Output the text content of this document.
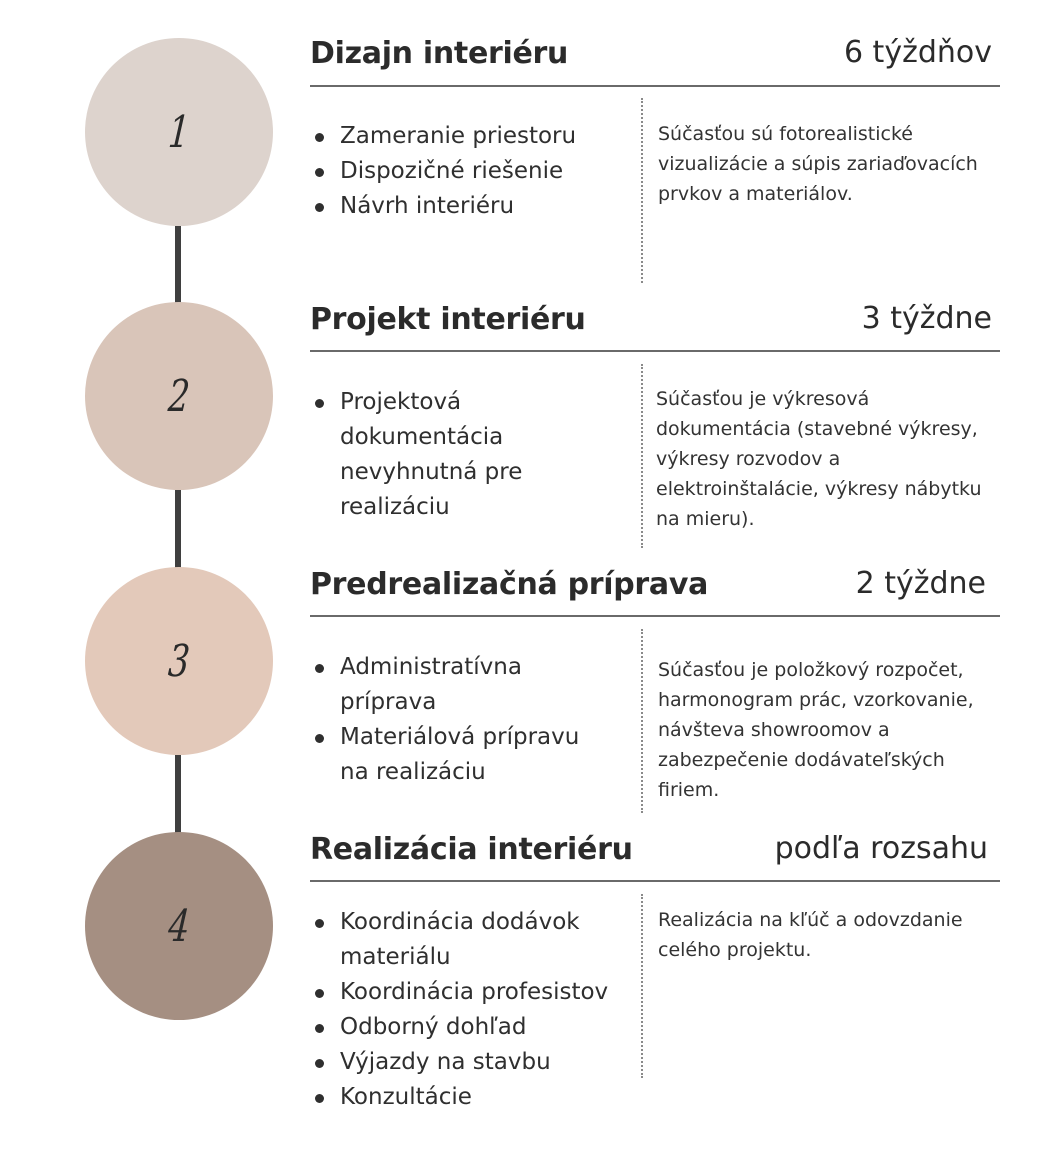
1
2
3
4
Dizajn interiéru	6 týždňov
Zameranie priestoru
Dispozičné riešenie
Návrh interiéru
Súčasťou sú fotorealistické vizualizácie a súpis zariaďovacích prvkov a materiálov.
Projekt interiéru	3 týždne
Projektová dokumentácia nevyhnutná pre realizáciu
Súčasťou je výkresová dokumentácia (stavebné výkresy, výkresy rozvodov a elektroinštalácie, výkresy nábytku na mieru).
Predrealizačná príprava	2 týždne
Administratívna príprava
Materiálová prípravu na realizáciu
Súčasťou je položkový rozpočet, harmonogram prác, vzorkovanie, návšteva showroomov a zabezpečenie dodávateľských firiem.
Realizácia interiéru	podľa rozsahu
Koordinácia dodávok materiálu
Koordinácia profesistov
Odborný dohľad
Výjazdy na stavbu
Konzultácie
Realizácia na kľúč a odovzdanie celého projektu.
